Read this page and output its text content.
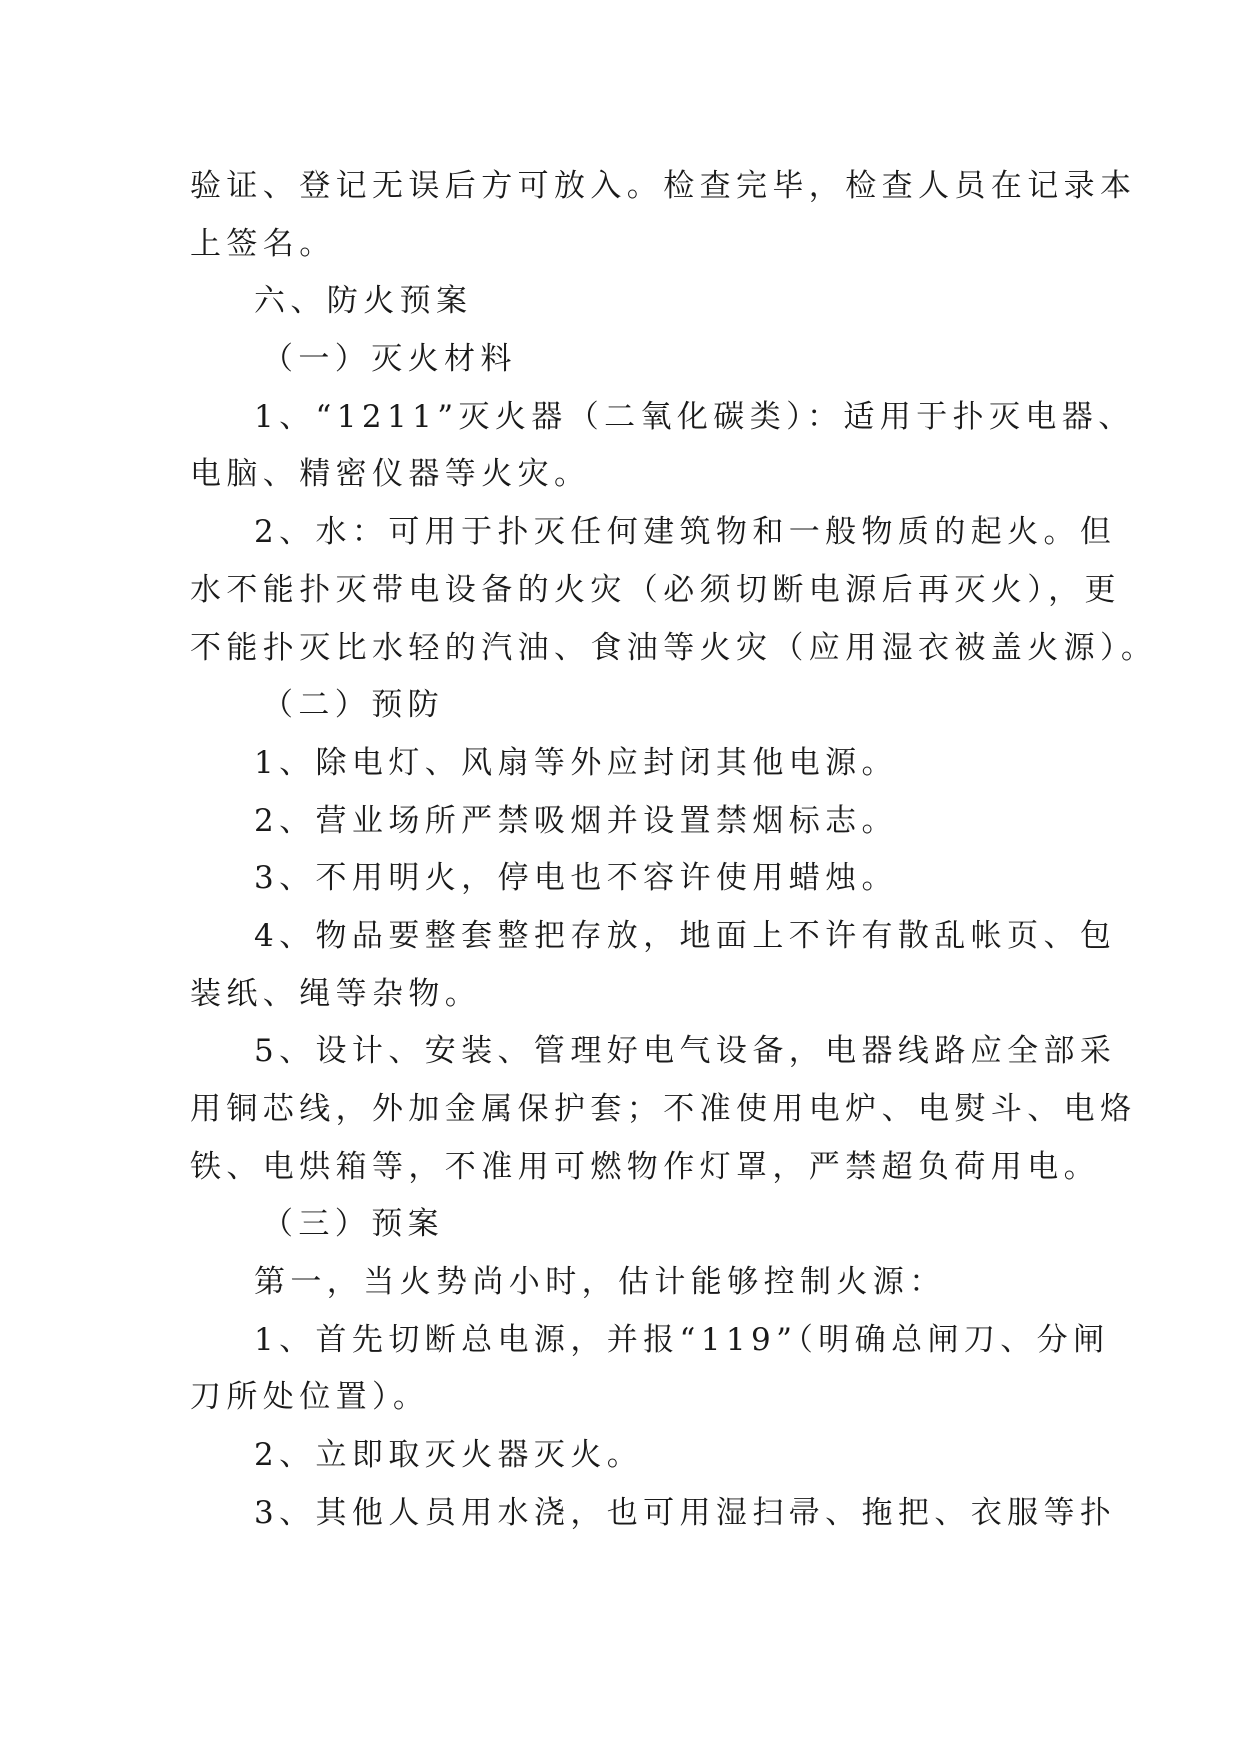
验证、登记无误后方可放入。检查完毕，检查人员在记录本
上签名。
六、防火预案
（一）灭火材料
1、“1211”灭火器（二氧化碳类）：适用于扑灭电器、
电脑、精密仪器等火灾。
2、水：可用于扑灭任何建筑物和一般物质的起火。但
水不能扑灭带电设备的火灾（必须切断电源后再灭火），更
不能扑灭比水轻的汽油、食油等火灾（应用湿衣被盖火源）。
（二）预防
1、除电灯、风扇等外应封闭其他电源。
2、营业场所严禁吸烟并设置禁烟标志。
3、不用明火，停电也不容许使用蜡烛。
4、物品要整套整把存放，地面上不许有散乱帐页、包
装纸、绳等杂物。
5、设计、安装、管理好电气设备，电器线路应全部采
用铜芯线，外加金属保护套；不准使用电炉、电熨斗、电烙
铁、电烘箱等，不准用可燃物作灯罩，严禁超负荷用电。
（三）预案
第一，当火势尚小时，估计能够控制火源：
1、首先切断总电源，并报“119”（明确总闸刀、分闸
刀所处位置）。
2、立即取灭火器灭火。
3、其他人员用水浇，也可用湿扫帚、拖把、衣服等扑
